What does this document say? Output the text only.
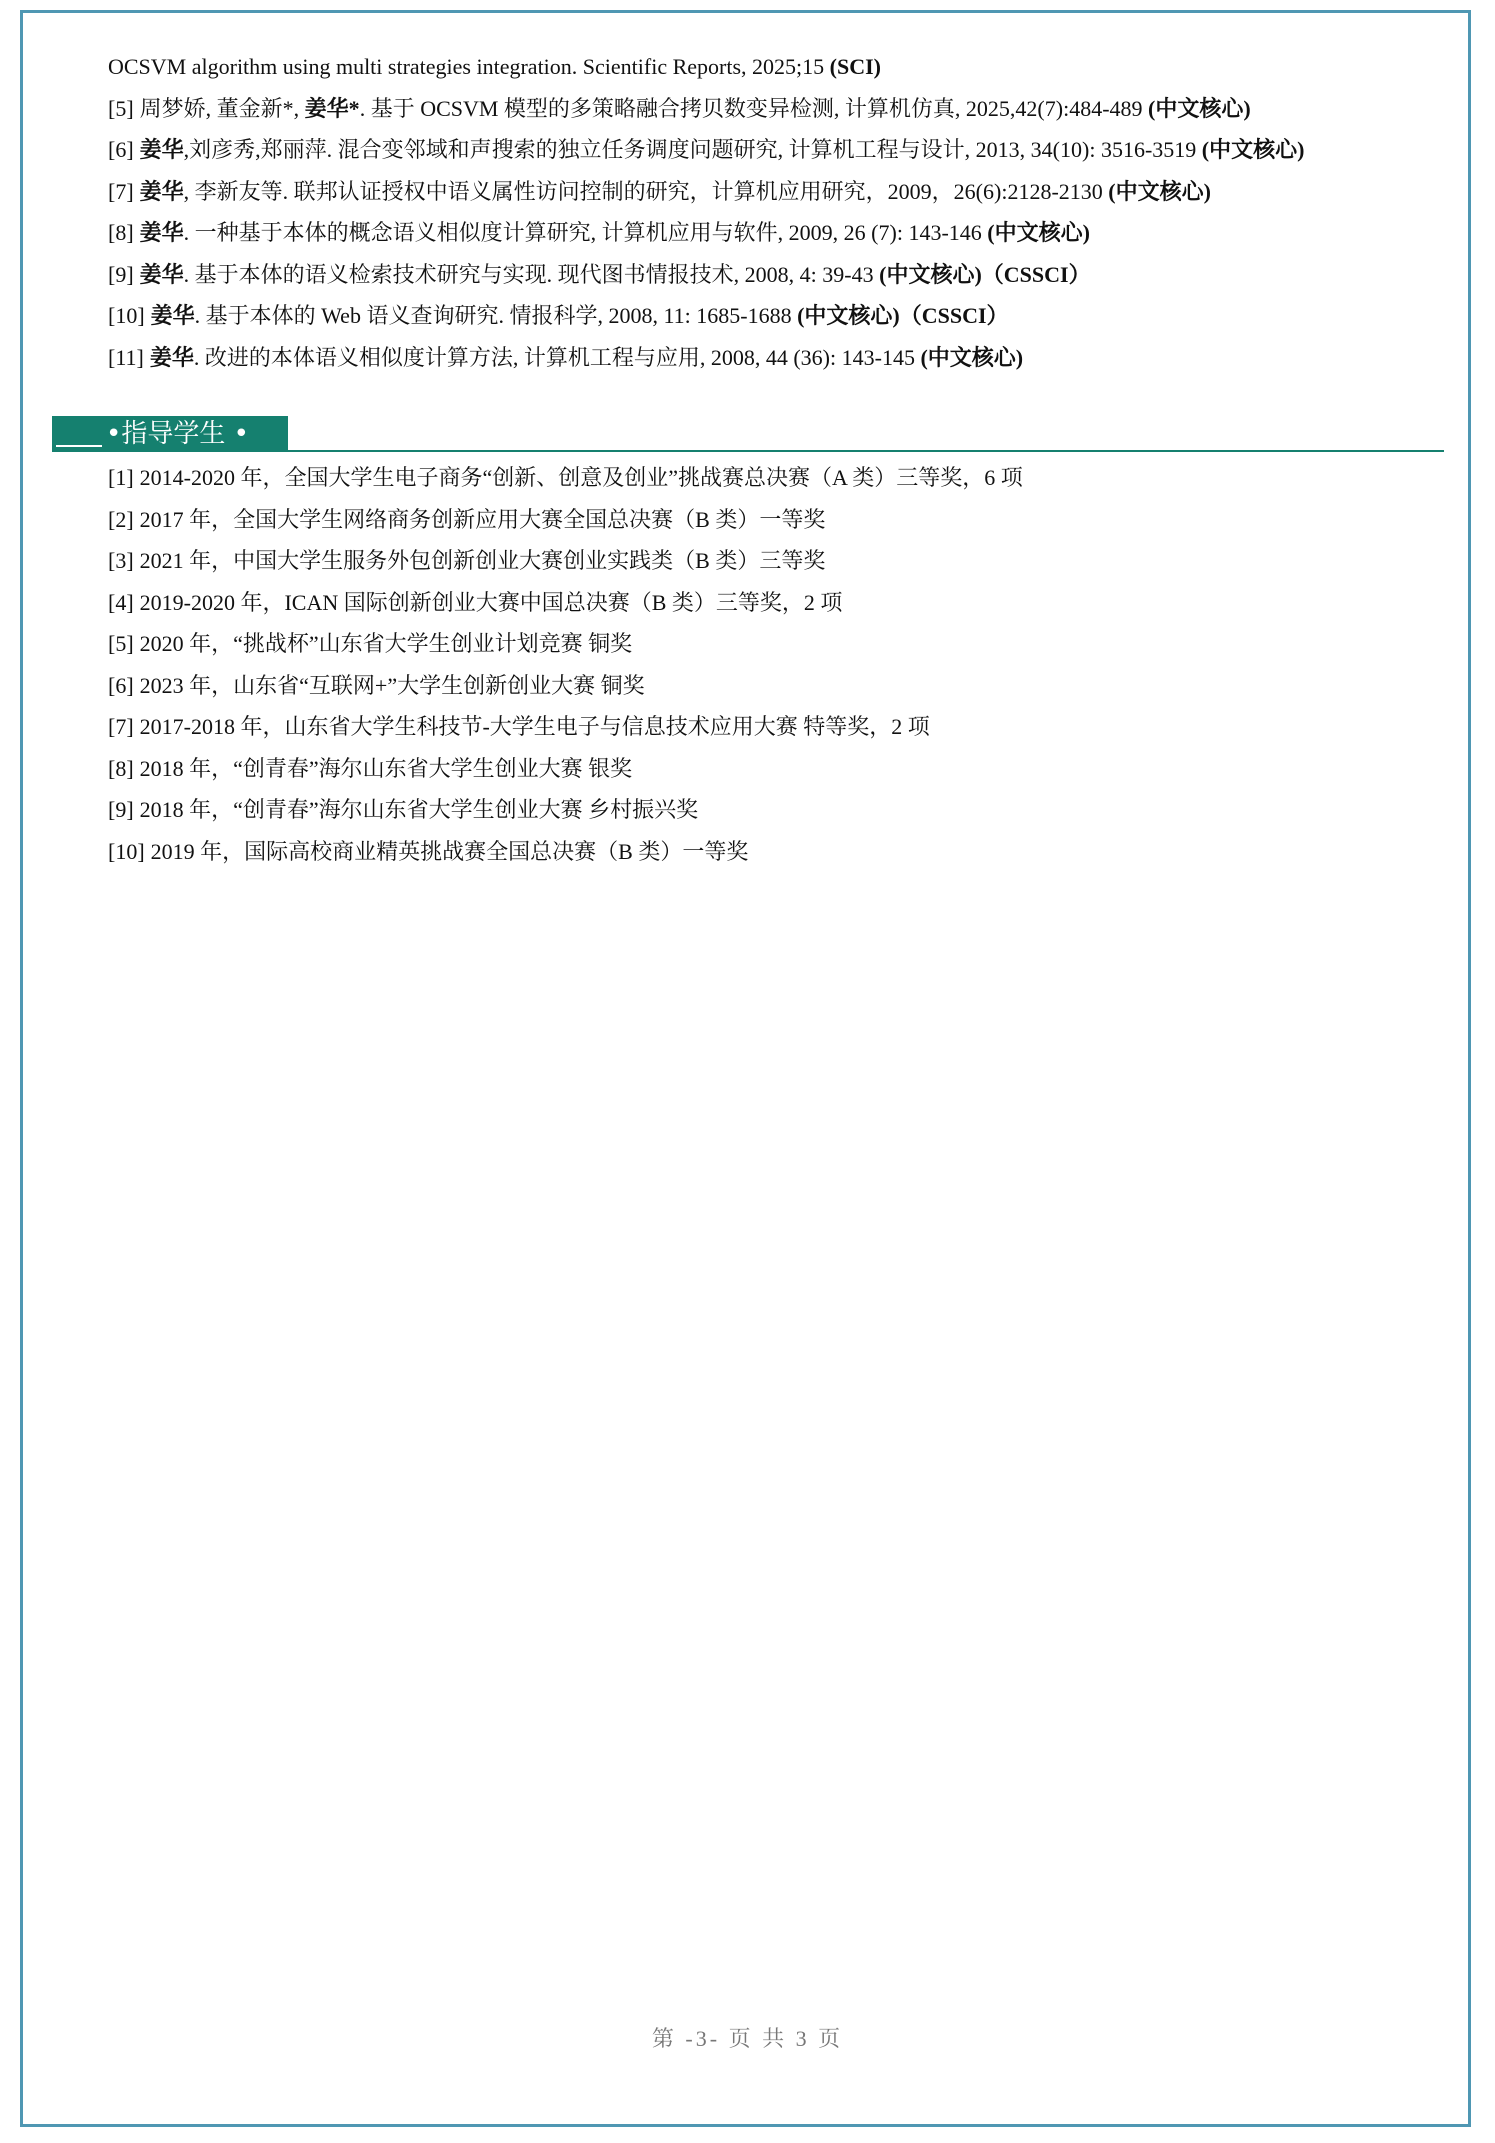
OCSVM algorithm using multi strategies integration. Scientific Reports, 2025;15 (SCI)
[5] 周梦娇, 董金新*, 姜华*. 基于 OCSVM 模型的多策略融合拷贝数变异检测, 计算机仿真, 2025,42(7):484-489 (中文核心)
[6] 姜华,刘彦秀,郑丽萍. 混合变邻域和声搜索的独立任务调度问题研究, 计算机工程与设计, 2013, 34(10): 3516-3519 (中文核心)
[7] 姜华, 李新友等. 联邦认证授权中语义属性访问控制的研究，计算机应用研究，2009，26(6):2128-2130 (中文核心)
[8] 姜华. 一种基于本体的概念语义相似度计算研究, 计算机应用与软件, 2009, 26 (7): 143-146 (中文核心)
[9] 姜华. 基于本体的语义检索技术研究与实现. 现代图书情报技术, 2008, 4: 39-43 (中文核心)（CSSCI）
[10] 姜华. 基于本体的 Web 语义查询研究. 情报科学, 2008, 11: 1685-1688 (中文核心)（CSSCI）
[11] 姜华. 改进的本体语义相似度计算方法, 计算机工程与应用, 2008, 44 (36): 143-145 (中文核心)
•指导学生 •
[1] 2014-2020 年，全国大学生电子商务“创新、创意及创业”挑战赛总决赛（A 类）三等奖，6 项
[2] 2017 年，全国大学生网络商务创新应用大赛全国总决赛（B 类）一等奖
[3] 2021 年，中国大学生服务外包创新创业大赛创业实践类（B 类）三等奖
[4] 2019-2020 年，ICAN 国际创新创业大赛中国总决赛（B 类）三等奖，2 项
[5] 2020 年，“挑战杯”山东省大学生创业计划竞赛 铜奖
[6] 2023 年，山东省“互联网+”大学生创新创业大赛 铜奖
[7] 2017-2018 年，山东省大学生科技节-大学生电子与信息技术应用大赛 特等奖，2 项
[8] 2018 年，“创青春”海尔山东省大学生创业大赛 银奖
[9] 2018 年，“创青春”海尔山东省大学生创业大赛 乡村振兴奖
[10] 2019 年，国际高校商业精英挑战赛全国总决赛（B 类）一等奖
第 -3- 页 共 3 页
